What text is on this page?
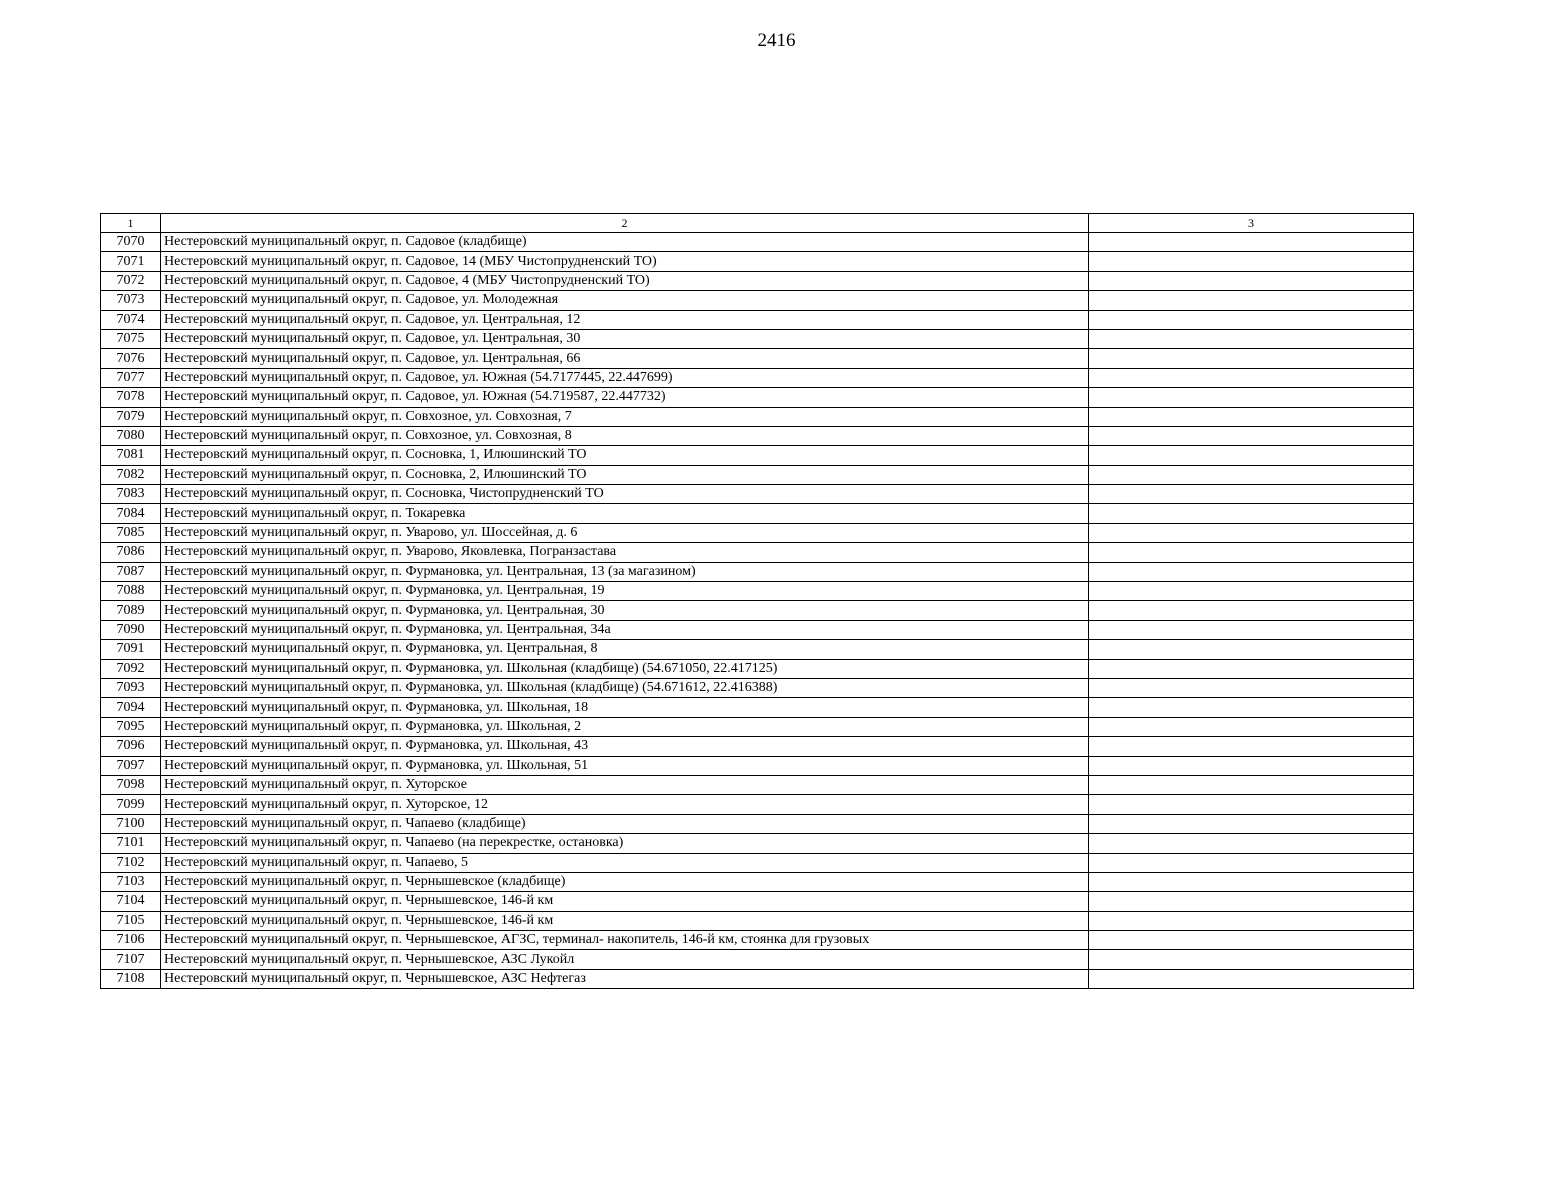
2416
1	2	3
7070	Нестеровский муниципальный округ, п. Садовое (кладбище)	
7071	Нестеровский муниципальный округ, п. Садовое, 14 (МБУ Чистопрудненский ТО)	
7072	Нестеровский муниципальный округ, п. Садовое, 4 (МБУ Чистопрудненский ТО)	
7073	Нестеровский муниципальный округ, п. Садовое, ул. Молодежная	
7074	Нестеровский муниципальный округ, п. Садовое, ул. Центральная, 12	
7075	Нестеровский муниципальный округ, п. Садовое, ул. Центральная, 30	
7076	Нестеровский муниципальный округ, п. Садовое, ул. Центральная, 66	
7077	Нестеровский муниципальный округ, п. Садовое, ул. Южная (54.7177445, 22.447699)	
7078	Нестеровский муниципальный округ, п. Садовое, ул. Южная (54.719587, 22.447732)	
7079	Нестеровский муниципальный округ, п. Совхозное, ул. Совхозная, 7	
7080	Нестеровский муниципальный округ, п. Совхозное, ул. Совхозная, 8	
7081	Нестеровский муниципальный округ, п. Сосновка, 1, Илюшинский ТО	
7082	Нестеровский муниципальный округ, п. Сосновка, 2, Илюшинский ТО	
7083	Нестеровский муниципальный округ, п. Сосновка, Чистопрудненский ТО	
7084	Нестеровский муниципальный округ, п. Токаревка	
7085	Нестеровский муниципальный округ, п. Уварово, ул. Шоссейная, д. 6	
7086	Нестеровский муниципальный округ, п. Уварово, Яковлевка, Погранзастава	
7087	Нестеровский муниципальный округ, п. Фурмановка, ул. Центральная, 13 (за магазином)	
7088	Нестеровский муниципальный округ, п. Фурмановка, ул. Центральная, 19	
7089	Нестеровский муниципальный округ, п. Фурмановка, ул. Центральная, 30	
7090	Нестеровский муниципальный округ, п. Фурмановка, ул. Центральная, 34а	
7091	Нестеровский муниципальный округ, п. Фурмановка, ул. Центральная, 8	
7092	Нестеровский муниципальный округ, п. Фурмановка, ул. Школьная (кладбище) (54.671050, 22.417125)	
7093	Нестеровский муниципальный округ, п. Фурмановка, ул. Школьная (кладбище) (54.671612, 22.416388)	
7094	Нестеровский муниципальный округ, п. Фурмановка, ул. Школьная, 18	
7095	Нестеровский муниципальный округ, п. Фурмановка, ул. Школьная, 2	
7096	Нестеровский муниципальный округ, п. Фурмановка, ул. Школьная, 43	
7097	Нестеровский муниципальный округ, п. Фурмановка, ул. Школьная, 51	
7098	Нестеровский муниципальный округ, п. Хуторское	
7099	Нестеровский муниципальный округ, п. Хуторское, 12	
7100	Нестеровский муниципальный округ, п. Чапаево (кладбище)	
7101	Нестеровский муниципальный округ, п. Чапаево (на перекрестке, остановка)	
7102	Нестеровский муниципальный округ, п. Чапаево, 5	
7103	Нестеровский муниципальный округ, п. Чернышевское (кладбище)	
7104	Нестеровский муниципальный округ, п. Чернышевское, 146-й км	
7105	Нестеровский муниципальный округ, п. Чернышевское, 146-й км	
7106	Нестеровский муниципальный округ, п. Чернышевское, АГЗС, терминал- накопитель, 146-й км, стоянка для грузовых	
7107	Нестеровский муниципальный округ, п. Чернышевское, АЗС Лукойл	
7108	Нестеровский муниципальный округ, п. Чернышевское, АЗС Нефтегаз	
